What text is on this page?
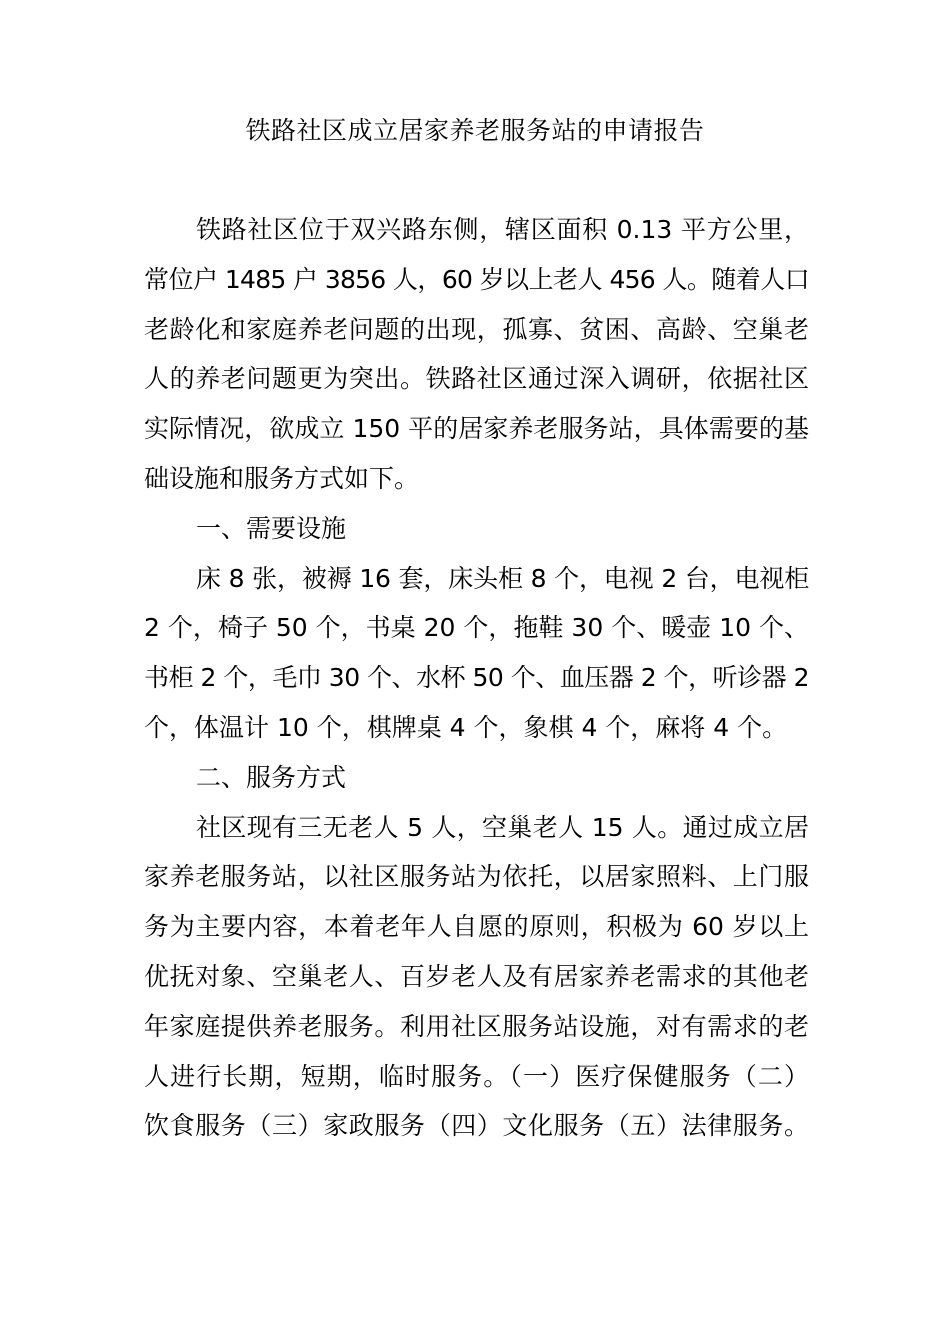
铁路社区成立居家养老服务站的申请报告
铁路社区位于双兴路东侧，辖区面积 0.13 平方公里，
常位户 1485 户 3856 人，60 岁以上老人 456 人。随着人口
老龄化和家庭养老问题的出现，孤寡、贫困、高龄、空巢老
人的养老问题更为突出。铁路社区通过深入调研，依据社区
实际情况，欲成立 150 平的居家养老服务站，具体需要的基
础设施和服务方式如下。
一、需要设施
床 8 张，被褥 16 套，床头柜 8 个，电视 2 台，电视柜
2 个，椅子 50 个，书桌 20 个，拖鞋 30 个、暖壶 10 个、
书柜 2 个，毛巾 30 个、水杯 50 个、血压器 2 个，听诊器 2
个，体温计 10 个，棋牌桌 4 个，象棋 4 个，麻将 4 个。
二、服务方式
社区现有三无老人 5 人，空巢老人 15 人。通过成立居
家养老服务站，以社区服务站为依托，以居家照料、上门服
务为主要内容，本着老年人自愿的原则，积极为 60 岁以上
优抚对象、空巢老人、百岁老人及有居家养老需求的其他老
年家庭提供养老服务。利用社区服务站设施，对有需求的老
人进行长期，短期，临时服务。（一）医疗保健服务（二）
饮食服务（三）家政服务（四）文化服务（五）法律服务。
